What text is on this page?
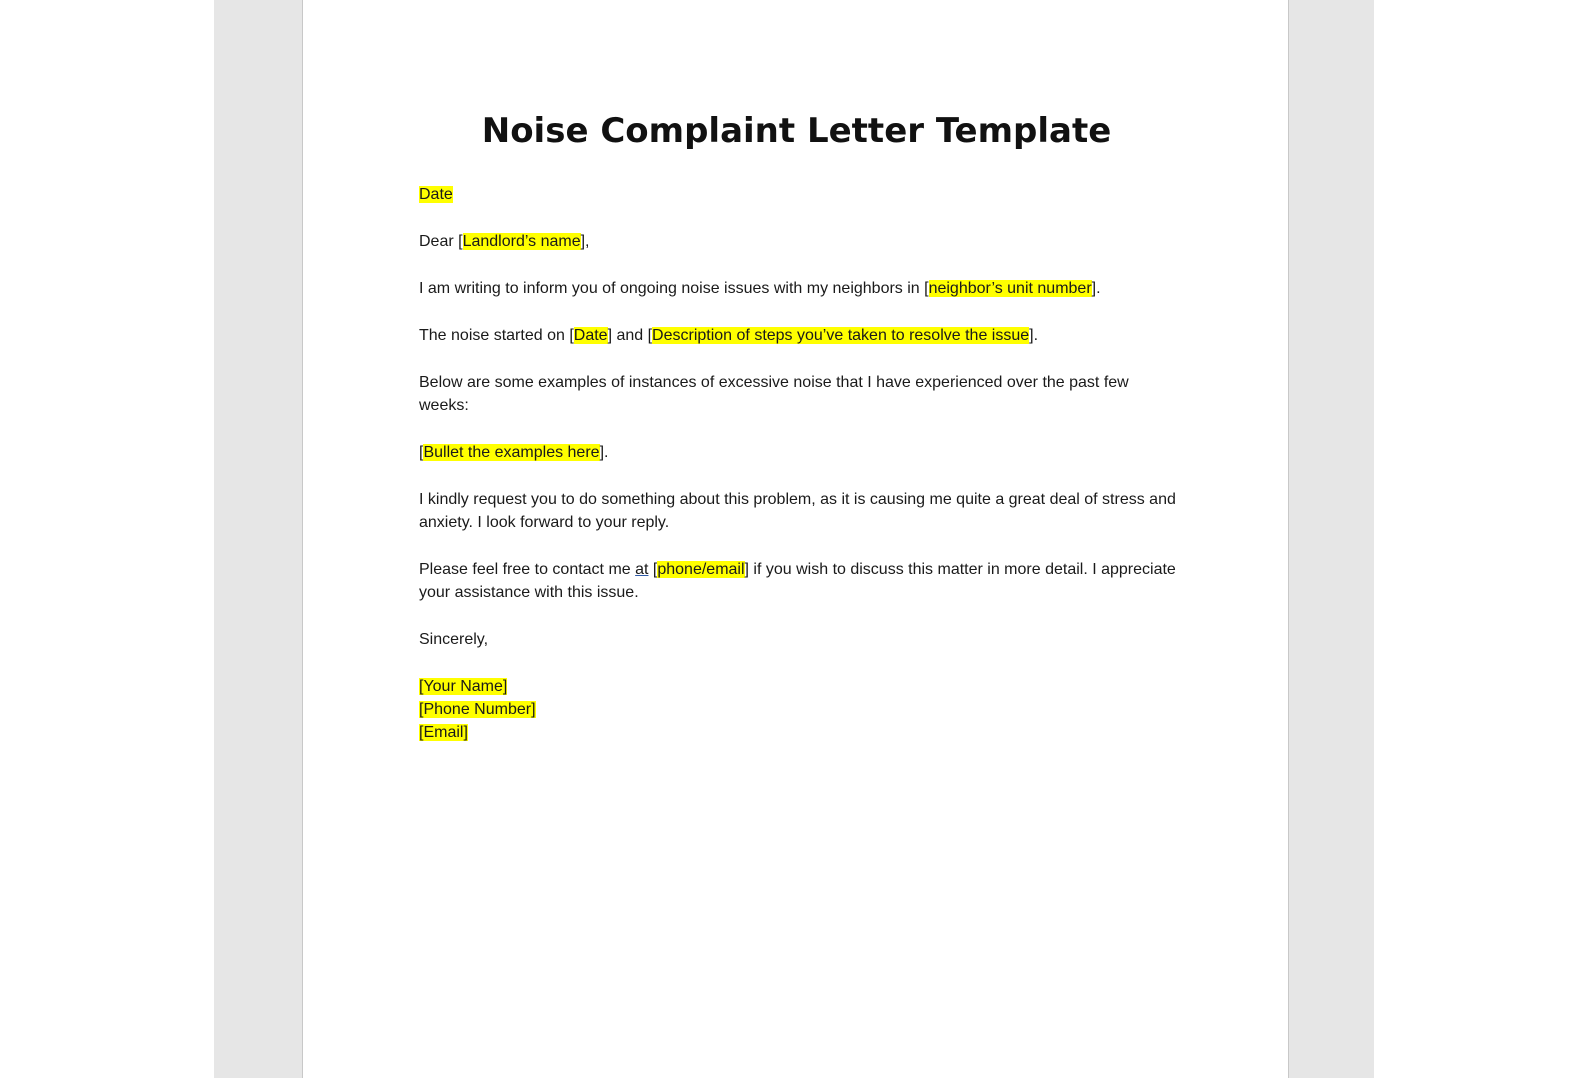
Noise Complaint Letter Template

Date

Dear [Landlord’s name],

I am writing to inform you of ongoing noise issues with my neighbors in [neighbor’s unit number].

The noise started on [Date] and [Description of steps you’ve taken to resolve the issue].

Below are some examples of instances of excessive noise that I have experienced over the past few weeks:

[Bullet the examples here].

I kindly request you to do something about this problem, as it is causing me quite a great deal of stress and anxiety. I look forward to your reply.

Please feel free to contact me at [phone/email] if you wish to discuss this matter in more detail. I appreciate your assistance with this issue.

Sincerely,

[Your Name]

[Phone Number]

[Email]
